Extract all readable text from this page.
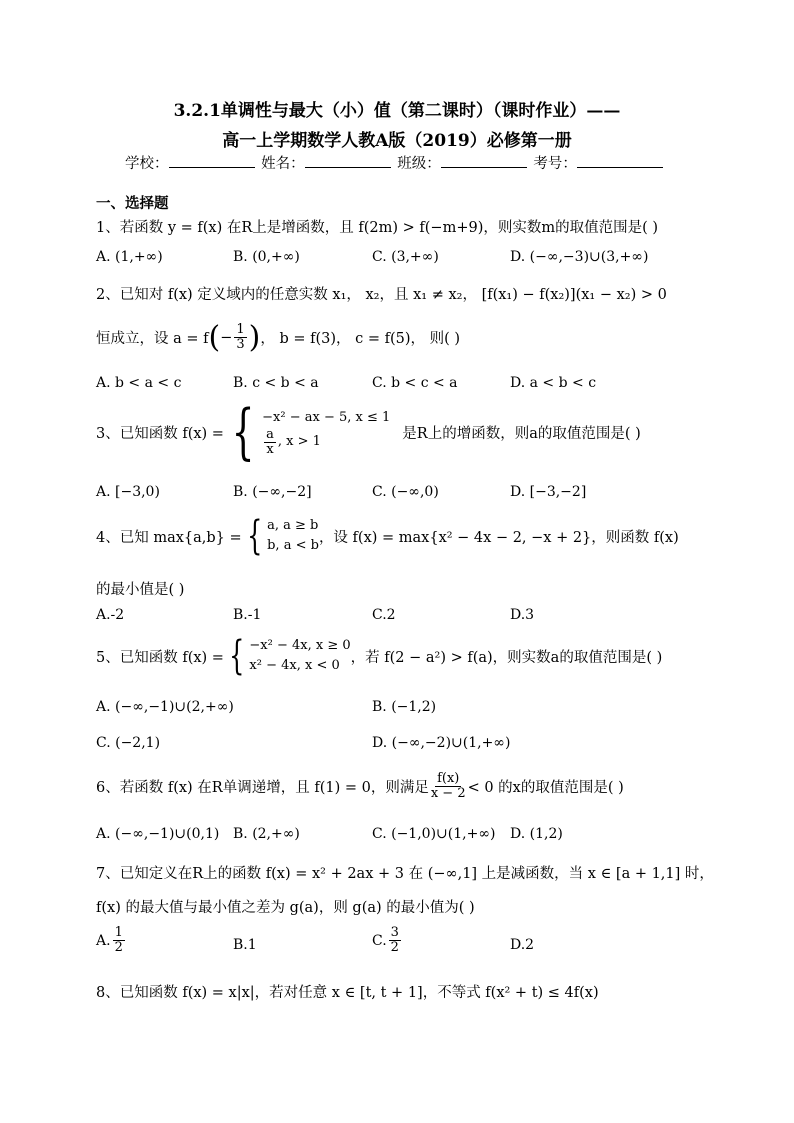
3.2.1单调性与最大（小）值（第二课时）（课时作业）——
高一上学期数学人教A版（2019）必修第一册
学校：	姓名：	班级：	考号：
一、选择题
1、若函数 y = f(x) 在R上是增函数，且 f(2m) > f(−m+9)，则实数m的取值范围是( )
A. (1,+∞)	B. (0,+∞)	C. (3,+∞)	D. (−∞,−3)∪(3,+∞)
2、已知对 f(x) 定义域内的任意实数 x₁， x₂，且 x₁ ≠ x₂， [f(x₁) − f(x₂)](x₁ − x₂) > 0
恒成立，设 a = f ( − $\frac{1}{3}$ ) ， b = f(3)， c = f(5)， 则( )
A. b < a < c	B. c < b < a	C. b < c < a	D. a < b < c
3、已知函数 f(x) = { −x² − ax − 5, x ≤ 1
$\frac{a}{x}$ , x > 1	是R上的增函数，则a的取值范围是( )
A. [−3,0)	B. (−∞,−2]	C. (−∞,0)	D. [−3,−2]
4、已知 max{a,b} = { a, a ≥ b
b, a < b ，设 f(x) = max{x² − 4x − 2, −x + 2}，则函数 f(x)
的最小值是( )
A.-2	B.-1	C.2	D.3
5、已知函数 f(x) = { −x² − 4x, x ≥ 0
x² − 4x, x < 0 ，若 f(2 − a²) > f(a)，则实数a的取值范围是( )
A. (−∞,−1)∪(2,+∞)	B. (−1,2)
C. (−2,1)	D. (−∞,−2)∪(1,+∞)
6、若函数 f(x) 在R单调递增，且 f(1) = 0，则满足 $\frac{f(x)}{x - 2} < 0$ 的x的取值范围是( )
A. (−∞,−1)∪(0,1) B. (2,+∞)	C. (−1,0)∪(1,+∞) D. (1,2)
7、已知定义在R上的函数 f(x) = x² + 2ax + 3 在 (−∞,1] 上是减函数，当 x ∈ [a + 1,1] 时，
f(x) 的最大值与最小值之差为 g(a)，则 g(a) 的最小值为( )
A. $\frac{1}{2}$	B.1	C. $\frac{3}{2}$	D.2
8、已知函数 f(x) = x|x|，若对任意 x ∈ [t, t + 1]，不等式 f(x² + t) ≤ 4f(x)
